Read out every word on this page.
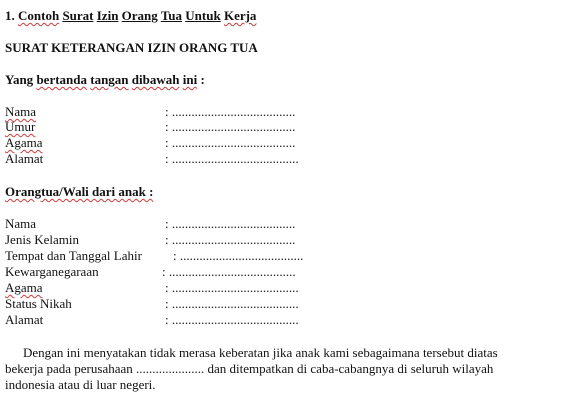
1. Contoh Surat Izin Orang Tua Untuk Kerja
SURAT KETERANGAN IZIN ORANG TUA
Yang bertanda tangan dibawah ini :
Nama	: ......................................
Umur	: ......................................
Agama	: ......................................
Alamat	: .......................................
Orangtua/Wali dari anak :
Nama	: ......................................
Jenis Kelamin	: ......................................
Tempat dan Tanggal Lahir : ......................................
Kewarganegaraan	: .......................................
Agama	: .......................................
Status Nikah	: .......................................
Alamat	: .......................................
Dengan ini menyatakan tidak merasa keberatan jika anak kami sebagaimana tersebut diatas
bekerja pada perusahaan ..................... dan ditempatkan di caba-cabangnya di seluruh wilayah
indonesia atau di luar negeri.
